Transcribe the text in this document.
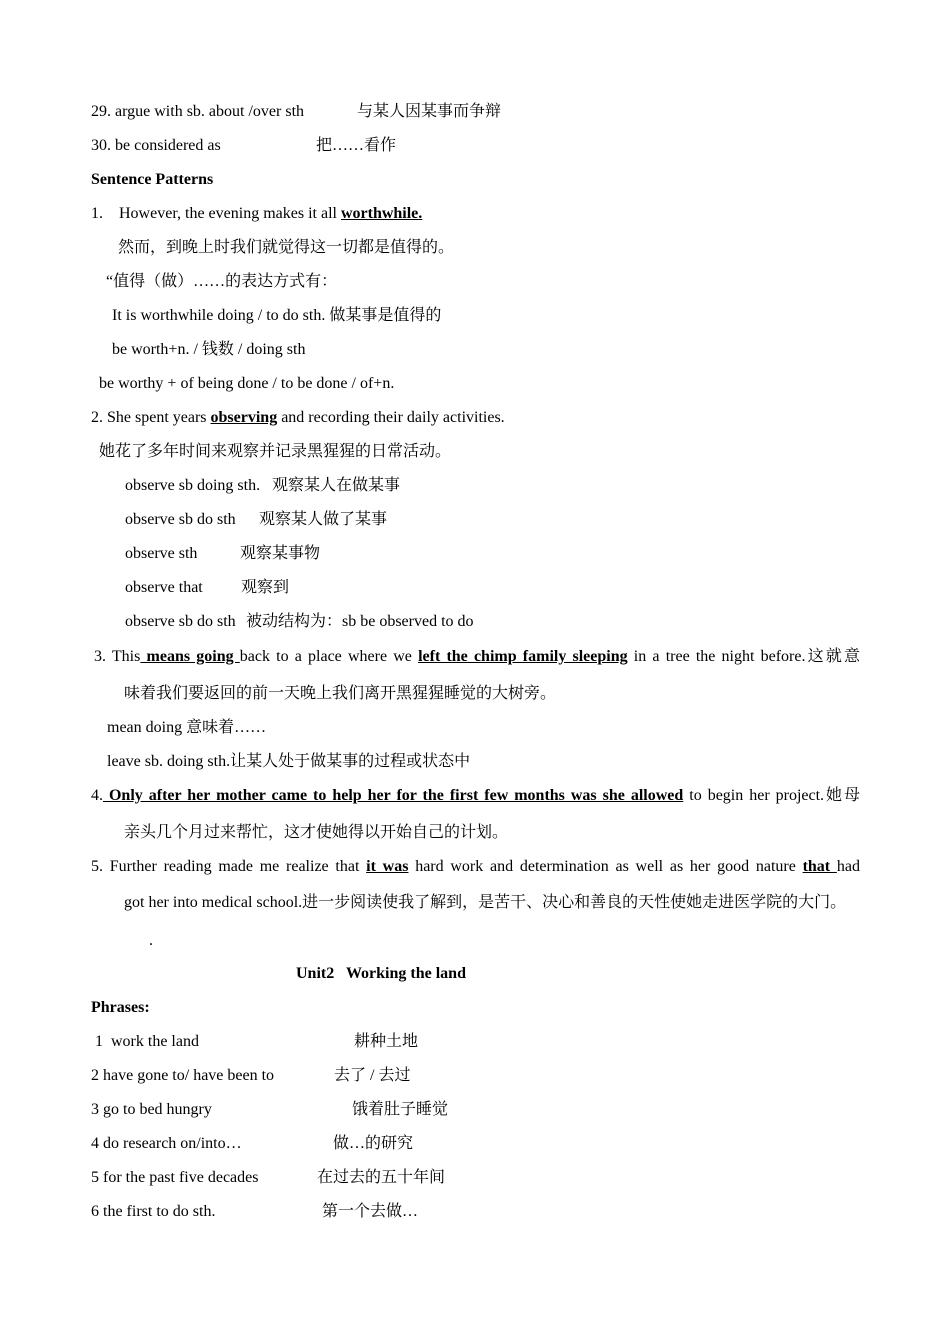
29. argue with sb. about /over sth	与某人因某事而争辩
30. be considered as	把……看作
Sentence Patterns
1.    However, the evening makes it all worthwhile.
然而，到晚上时我们就觉得这一切都是值得的。
“值得（做）……的表达方式有：
It is worthwhile doing / to do sth. 做某事是值得的
be worth+n. / 钱数 / doing sth
be worthy + of being done / to be done / of+n.
2. She spent years observing and recording their daily activities.
她花了多年时间来观察并记录黑猩猩的日常活动。
observe sb doing sth. 观察某人在做某事
observe sb do sth 观察某人做了某事
observe sth	观察某事物
observe that 观察到
observe sb do sth 被动结构为：sb be observed to do
3. This means going back to a place where we left the chimp family sleeping in a tree the night before.这就意
味着我们要返回的前一天晚上我们离开黑猩猩睡觉的大树旁。
mean doing 意味着……
leave sb. doing sth.让某人处于做某事的过程或状态中
4. Only after her mother came to help her for the first few months was she allowed to begin her project.她母
亲头几个月过来帮忙，这才使她得以开始自己的计划。
5. Further reading made me realize that it was hard work and determination as well as her good nature that had
got her into medical school.进一步阅读使我了解到，是苦干、决心和善良的天性使她走进医学院的大门。
.
Unit2   Working the land
Phrases:
1  work the land	耕种土地
2 have gone to/ have been to	去了 / 去过
3 go to bed hungry	饿着肚子睡觉
4 do research on/into…	做…的研究
5 for the past five decades	在过去的五十年间
6 the first to do sth.	第一个去做…
